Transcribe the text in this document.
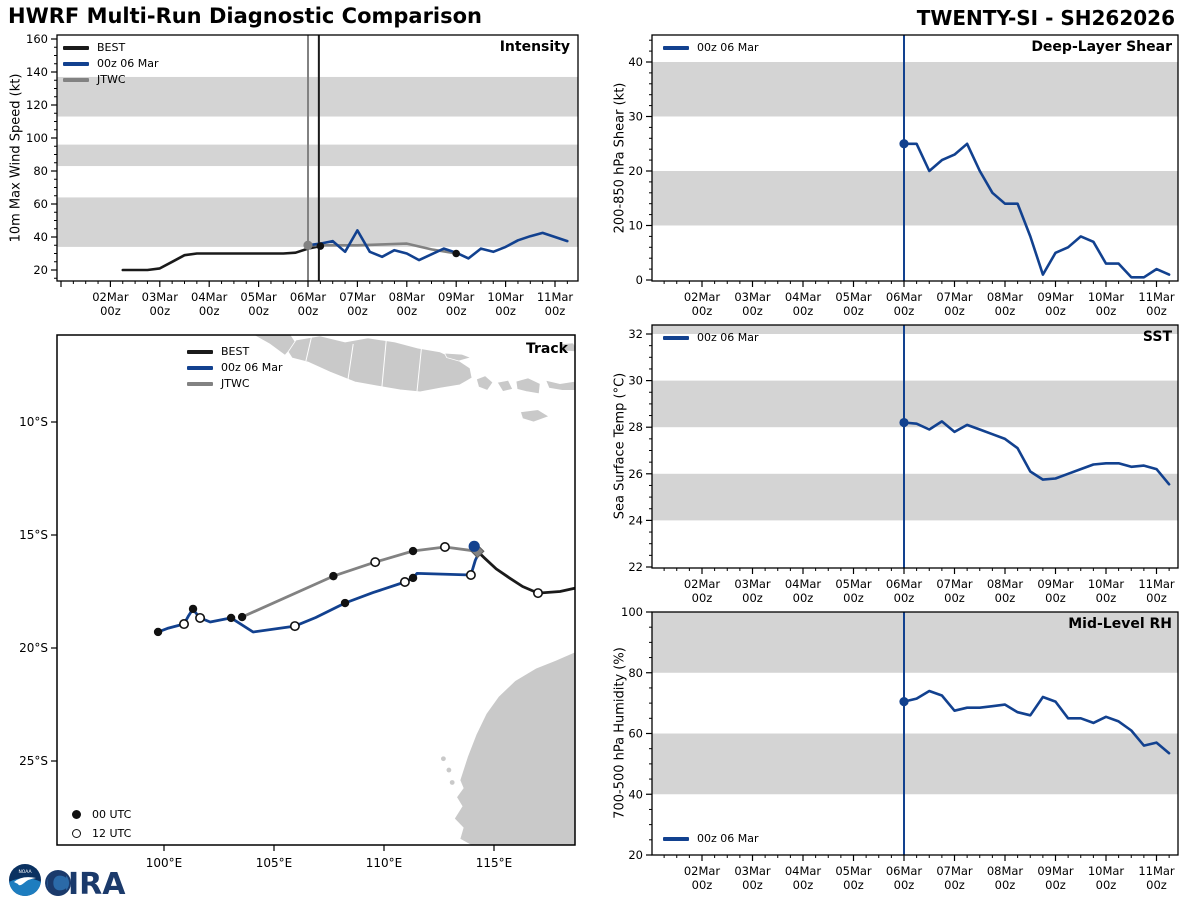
HWRF Multi-Run Diagnostic Comparison	TWENTY-SI - SH262026
02Mar
00z
03Mar
00z
04Mar
00z
05Mar
00z
06Mar
00z
07Mar
00z
08Mar
00z
09Mar
00z
10Mar
00z
11Mar
00z
20
40
60
80
100
120
140
160
02Mar
00z
03Mar
00z
04Mar
00z
05Mar
00z
06Mar
00z
07Mar
00z
08Mar
00z
09Mar
00z
10Mar
00z
11Mar
00z
0
10
20
30
40
02Mar
00z
03Mar
00z
04Mar
00z
05Mar
00z
06Mar
00z
07Mar
00z
08Mar
00z
09Mar
00z
10Mar
00z
11Mar
00z
22
24
26
28
30
32
02Mar
00z
03Mar
00z
04Mar
00z
05Mar
00z
06Mar
00z
07Mar
00z
08Mar
00z
09Mar
00z
10Mar
00z
11Mar
00z
20
40
60
80
100
100°E	105°E	110°E	115°E
10°S
15°S
20°S
25°S
Intensity
Track
Deep-Layer Shear
SST
Mid-Level RH
10m Max Wind Speed (kt)	200-850 hPa Shear (kt)
Sea Surface Temp (°C)
700-500 hPa Humidity (%)
BEST
00z 06 Mar
JTWC
BEST
00z 06 Mar
JTWC
00z 06 Mar
00z 06 Mar
00z 06 Mar
00 UTC
12 UTC
NOAA CIRA
